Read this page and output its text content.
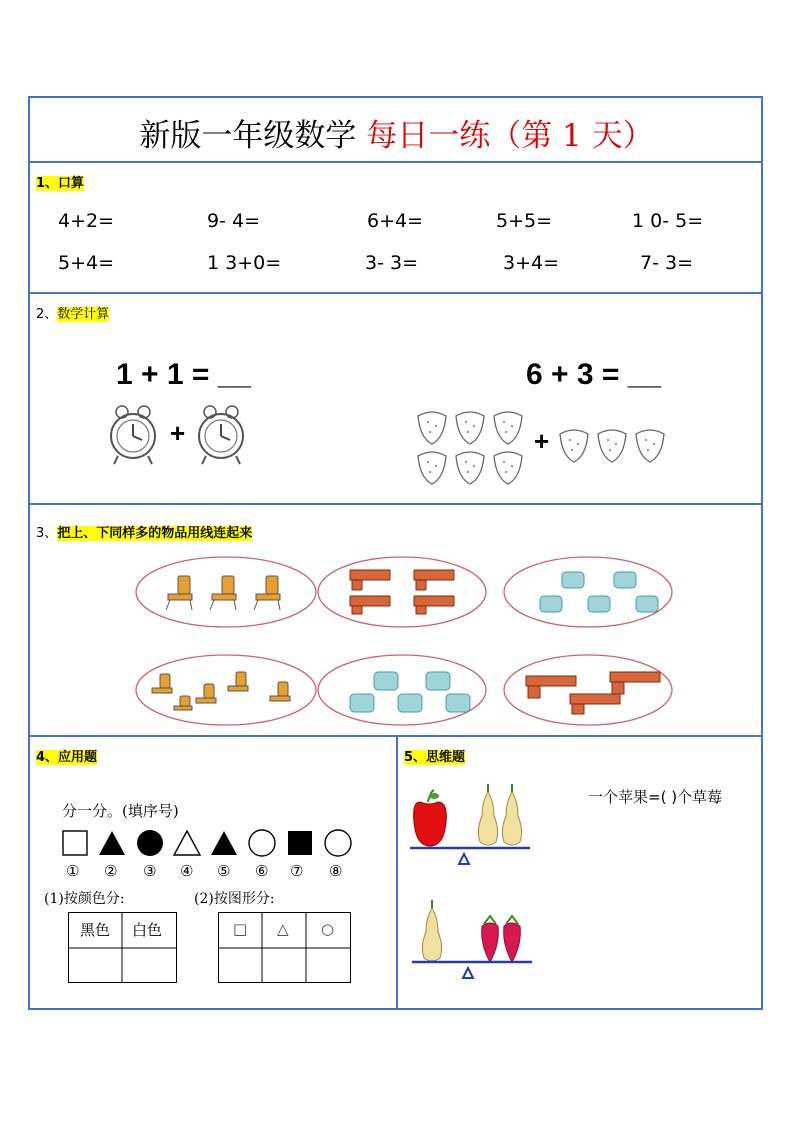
新版一年级数学 每日一练（第 1 天）
1、口算
4+2=	9- 4=	6+4=	5+5=	1 0- 5=
5+4=	1 3+0=	3- 3=	3+4=	7- 3=
2、数学计算
1 + 1 = __	6 + 3 = __
+	+
3、把上、下同样多的物品用线连起来
4、应用题
分一分。(填序号)
① ② ③ ④ ⑤ ⑥ ⑦ ⑧
(1)按颜色分:	(2)按图形分:
黑色 白色	□ △ ○
5、思维题
一个苹果=( )个草莓
